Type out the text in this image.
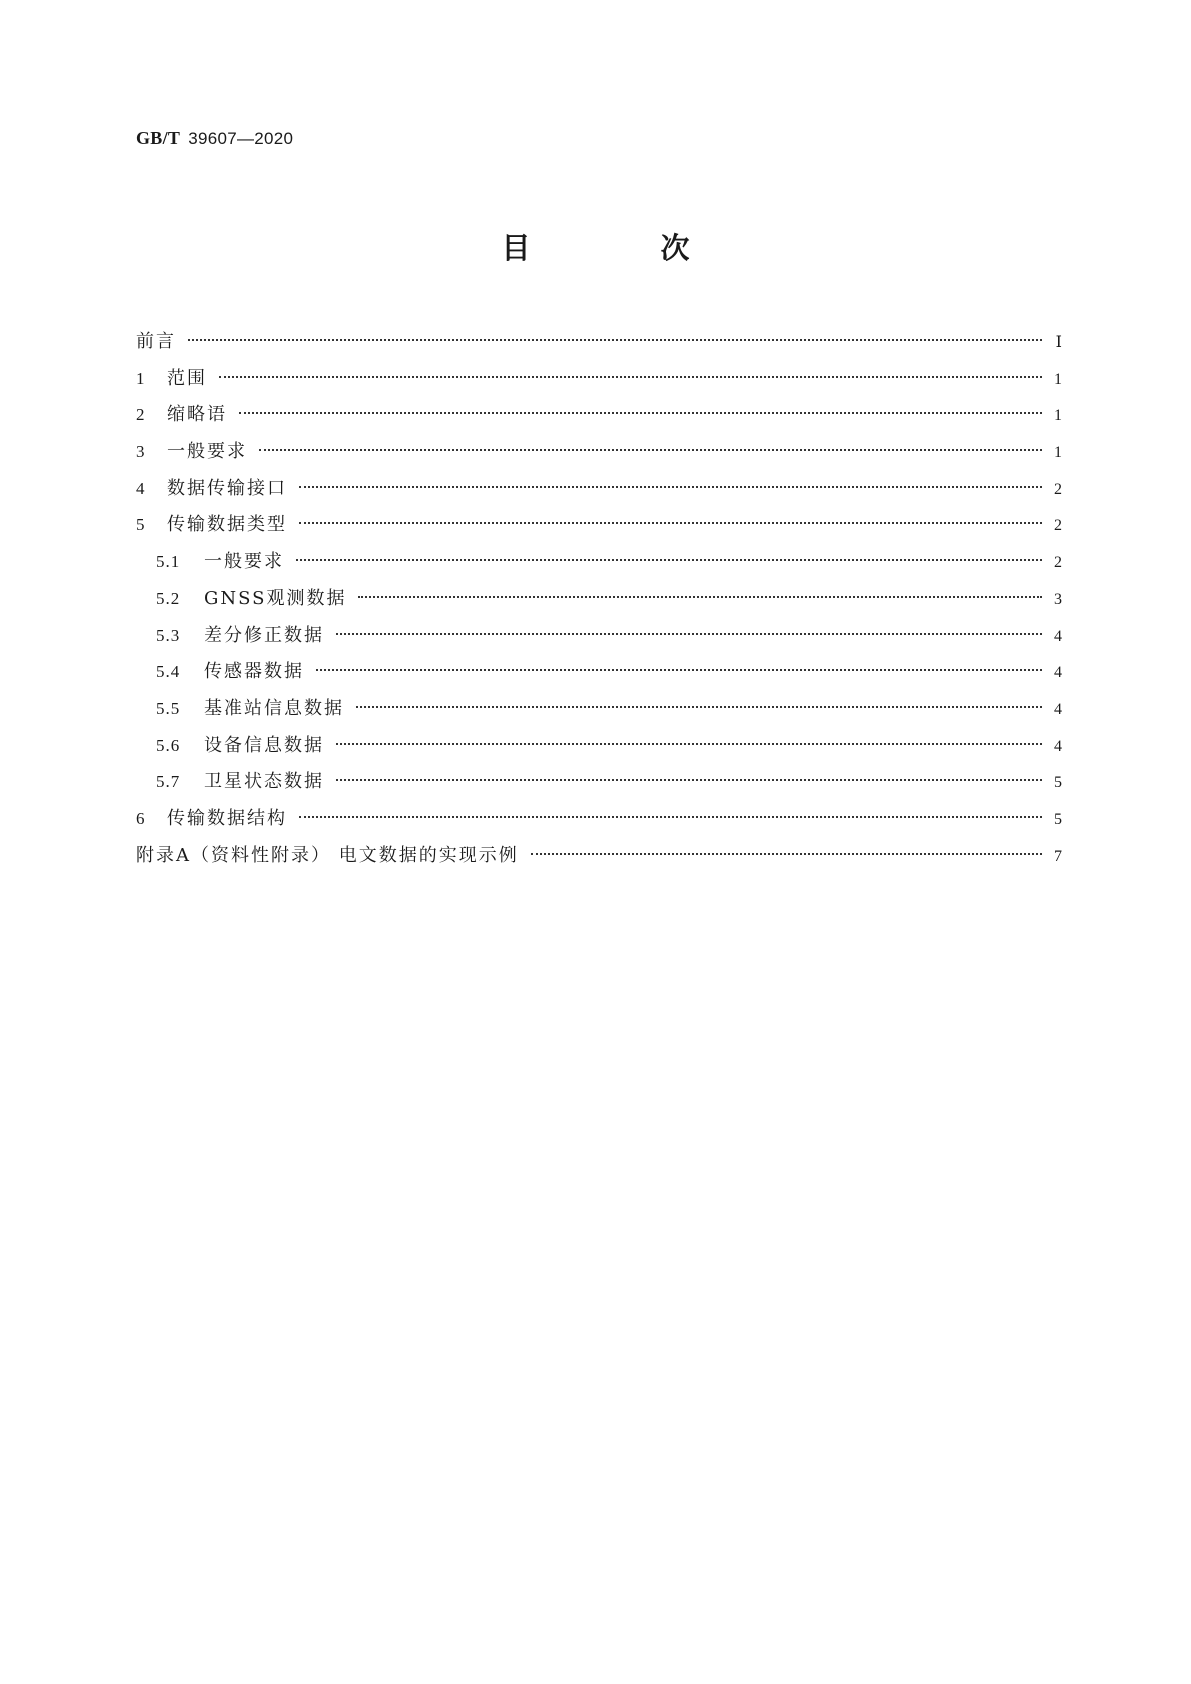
GB/T 39607—2020
目 次
前言	Ⅰ
1	范围	1
2	缩略语	1
3	一般要求	1
4	数据传输接口	2
5	传输数据类型	2
5.1	一般要求	2
5.2	GNSS观测数据	3
5.3	差分修正数据	4
5.4	传感器数据	4
5.5	基准站信息数据	4
5.6	设备信息数据	4
5.7	卫星状态数据	5
6	传输数据结构	5
附录A（资料性附录） 电文数据的实现示例	7
